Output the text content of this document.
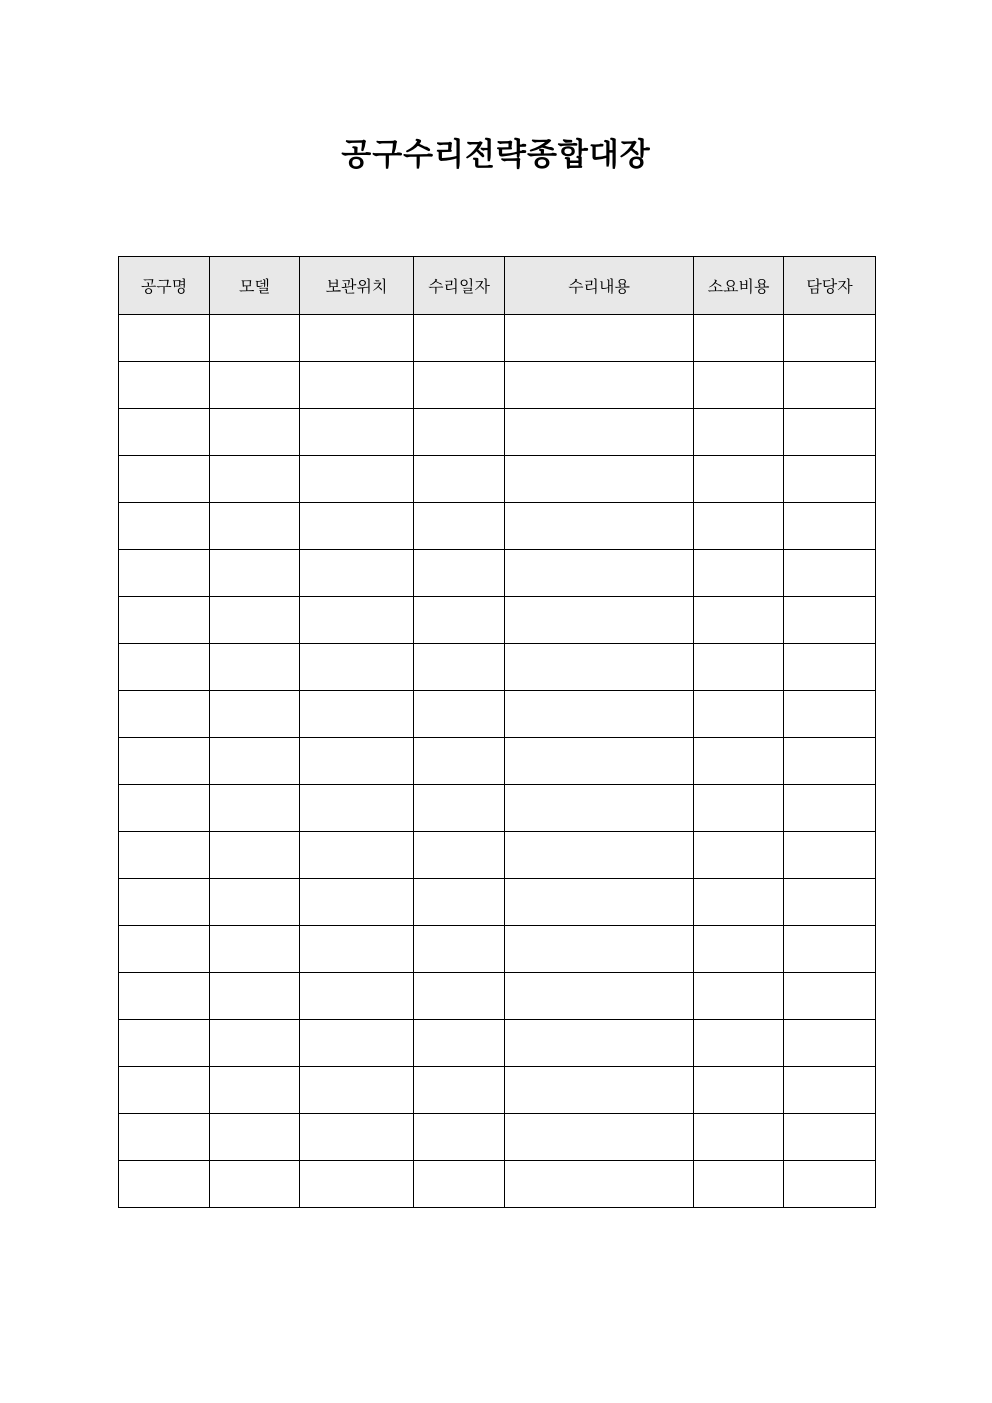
공구수리전략종합대장
공구명	모델	보관위치	수리일자	수리내용	소요비용	담당자
